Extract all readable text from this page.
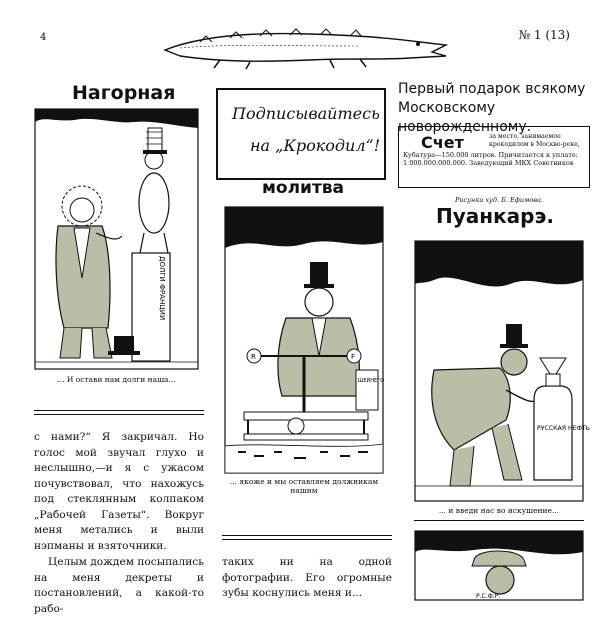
4	№ 1 (13)
Нагорная
молитва
Пуанкарэ.
Подписывайтесь
на „Крокодил“!
Первый подарок всякому Московскому новорожденному.
Счет	за место, занимаемое крокодилом в Москве-реке,
Кубатура—150.000 литров. Причитается к уплате: 1.000.000.000.000. Заведующий МКХ Советников
Рисунки худ. Б. Ефимова.
ДОЛГИ ФРАНЦИИ
... И остави нам долги наша...
R	F
ШЕЙНЕГО
... якоже и мы оставляем должникам нашим
РУССКАЯ НЕФТЬ
... и введи нас во искушение...
Р.С.Ф.Р.
с нами?“ Я закричал. Но голос мой звучал глухо и неслышно,—и я с ужасом почувствовал, что нахожусь под стеклянным колпаком „Рабочей Газеты“. Вокруг меня метались и выли нэпманы и взяточники.
Целым дождем посыпались на меня декреты и постановлений, а какой-то рабо-
таких ни на одной фотографии. Его огромные зубы коснулись меня и...
